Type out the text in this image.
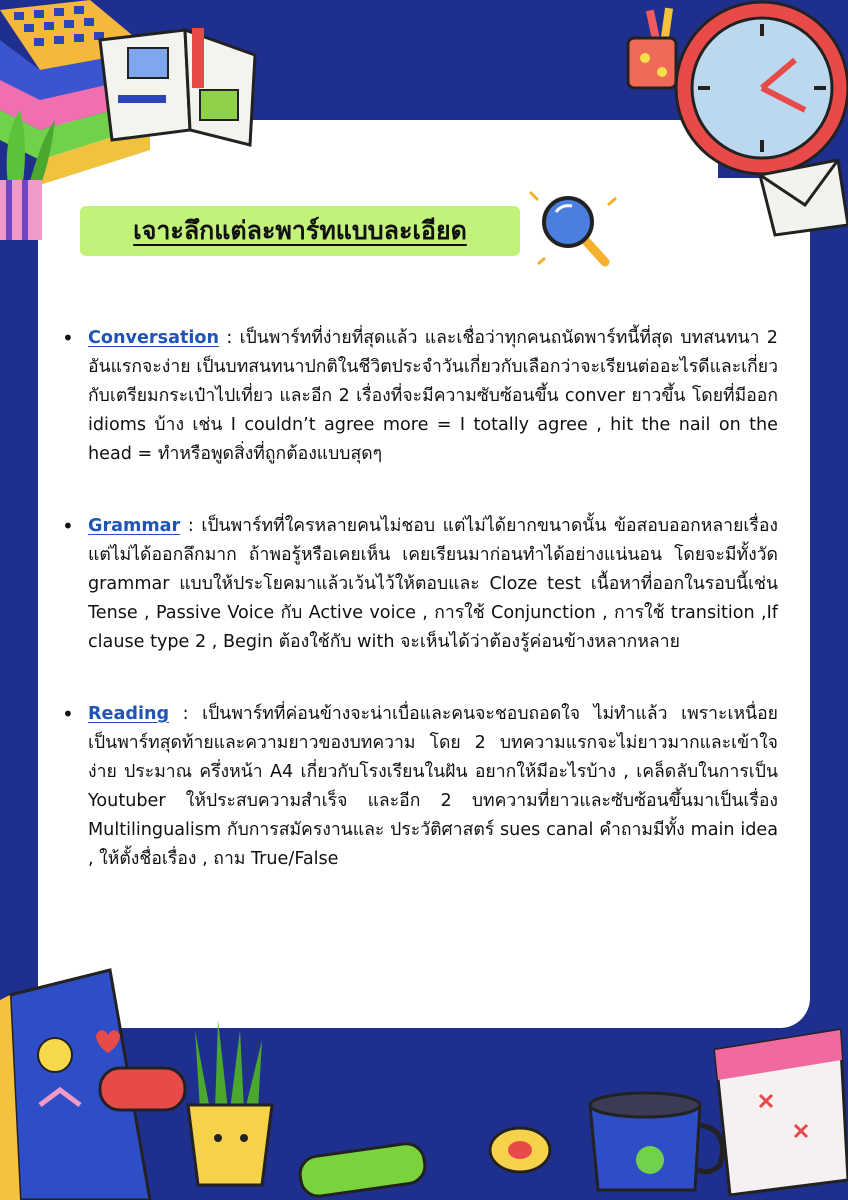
เจาะลึกแต่ละพาร์ทแบบละเอียด
• Conversation : เป็นพาร์ทที่ง่ายที่สุดแล้ว และเชื่อว่าทุกคนถนัดพาร์ทนี้ที่สุด บทสนทนา 2 อันแรกจะง่าย เป็นบทสนทนาปกติในชีวิตประจำวันเกี่ยวกับเลือกว่าจะเรียนต่ออะไรดีและเกี่ยวกับเตรียมกระเป๋าไปเที่ยว และอีก 2 เรื่องที่จะมีความซับซ้อนขึ้น conver ยาวขึ้น โดยที่มีออก idioms บ้าง เช่น I couldn’t agree more = I totally agree , hit the nail on the head = ทำหรือพูดสิ่งที่ถูกต้องแบบสุดๆ
• Grammar : เป็นพาร์ทที่ใครหลายคนไม่ชอบ แต่ไม่ได้ยากขนาดนั้น ข้อสอบออกหลายเรื่อง แต่ไม่ได้ออกลึกมาก ถ้าพอรู้หรือเคยเห็น เคยเรียนมาก่อนทำได้อย่างแน่นอน โดยจะมีทั้งวัด grammar แบบให้ประโยคมาแล้วเว้นไว้ให้ตอบและ Cloze test เนื้อหาที่ออกในรอบนี้เช่น Tense , Passive Voice กับ Active voice , การใช้ Conjunction , การใช้ transition ,If clause type 2 , Begin ต้องใช้กับ with จะเห็นได้ว่าต้องรู้ค่อนข้างหลากหลาย
• Reading : เป็นพาร์ทที่ค่อนข้างจะน่าเบื่อและคนจะชอบถอดใจ ไม่ทำแล้ว เพราะเหนื่อย เป็นพาร์ทสุดท้ายและความยาวของบทความ โดย 2 บทความแรกจะไม่ยาวมากและเข้าใจง่าย ประมาณ ครึ่งหน้า A4 เกี่ยวกับโรงเรียนในฝัน อยากให้มีอะไรบ้าง , เคล็ดลับในการเป็น Youtuber ให้ประสบความสำเร็จ และอีก 2 บทความที่ยาวและซับซ้อนขึ้นมาเป็นเรื่อง Multilingualism กับการสมัครงานและ ประวัติศาสตร์ sues canal คำถามมีทั้ง main idea , ให้ตั้งชื่อเรื่อง , ถาม True/False
